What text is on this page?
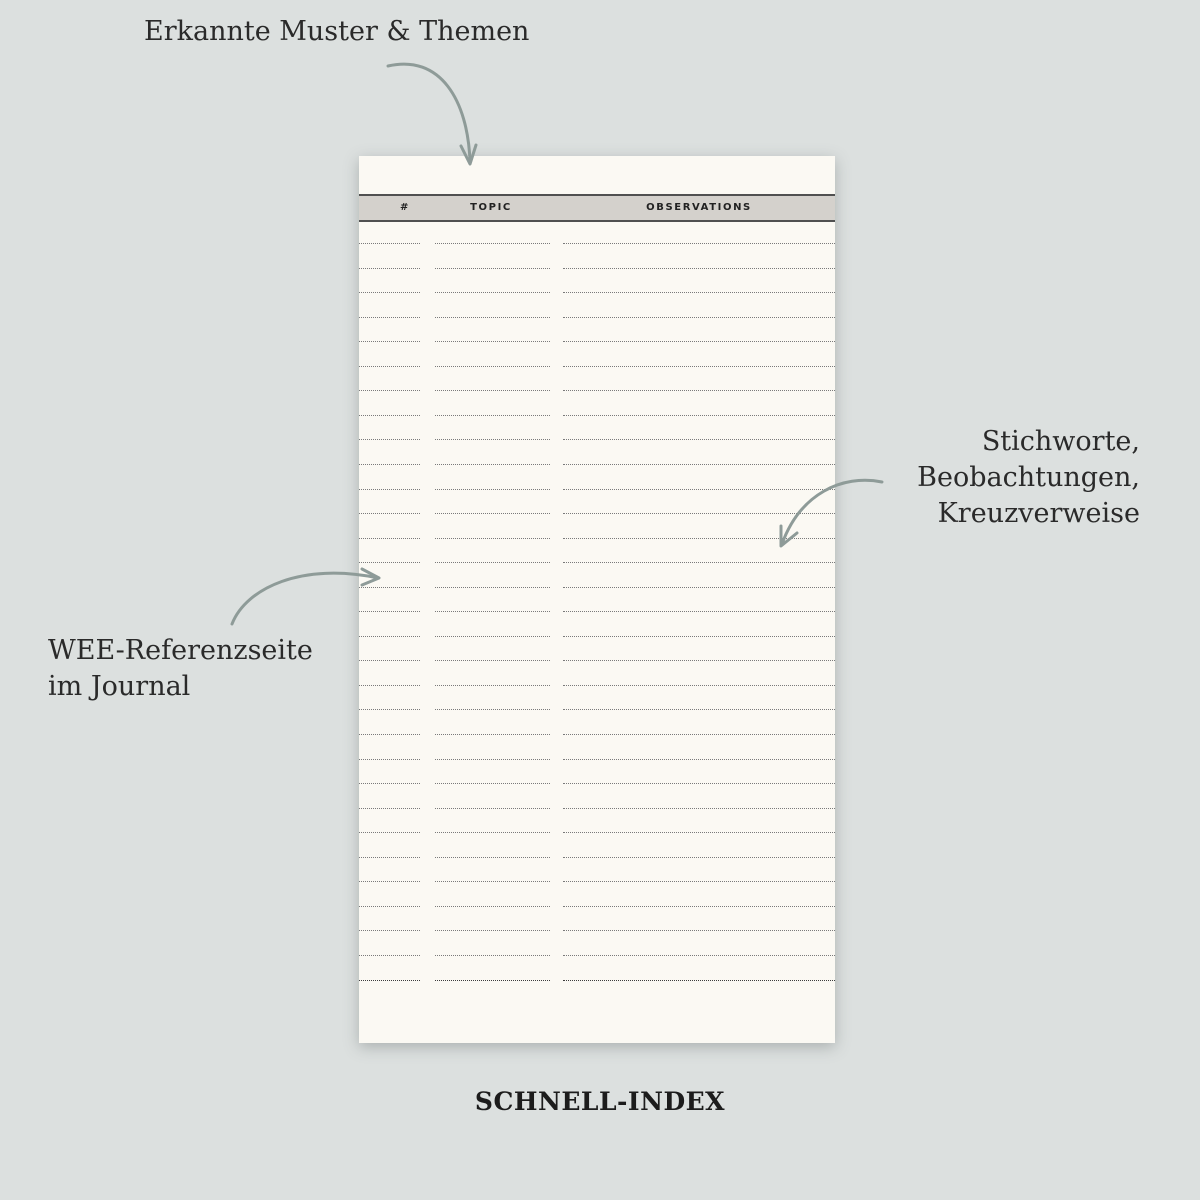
Erkannte Muster & Themen
Stichworte,
Beobachtungen,
Kreuzverweise
WEE-Referenzseite
im Journal
#	TOPIC	OBSERVATIONS
SCHNELL-INDEX
